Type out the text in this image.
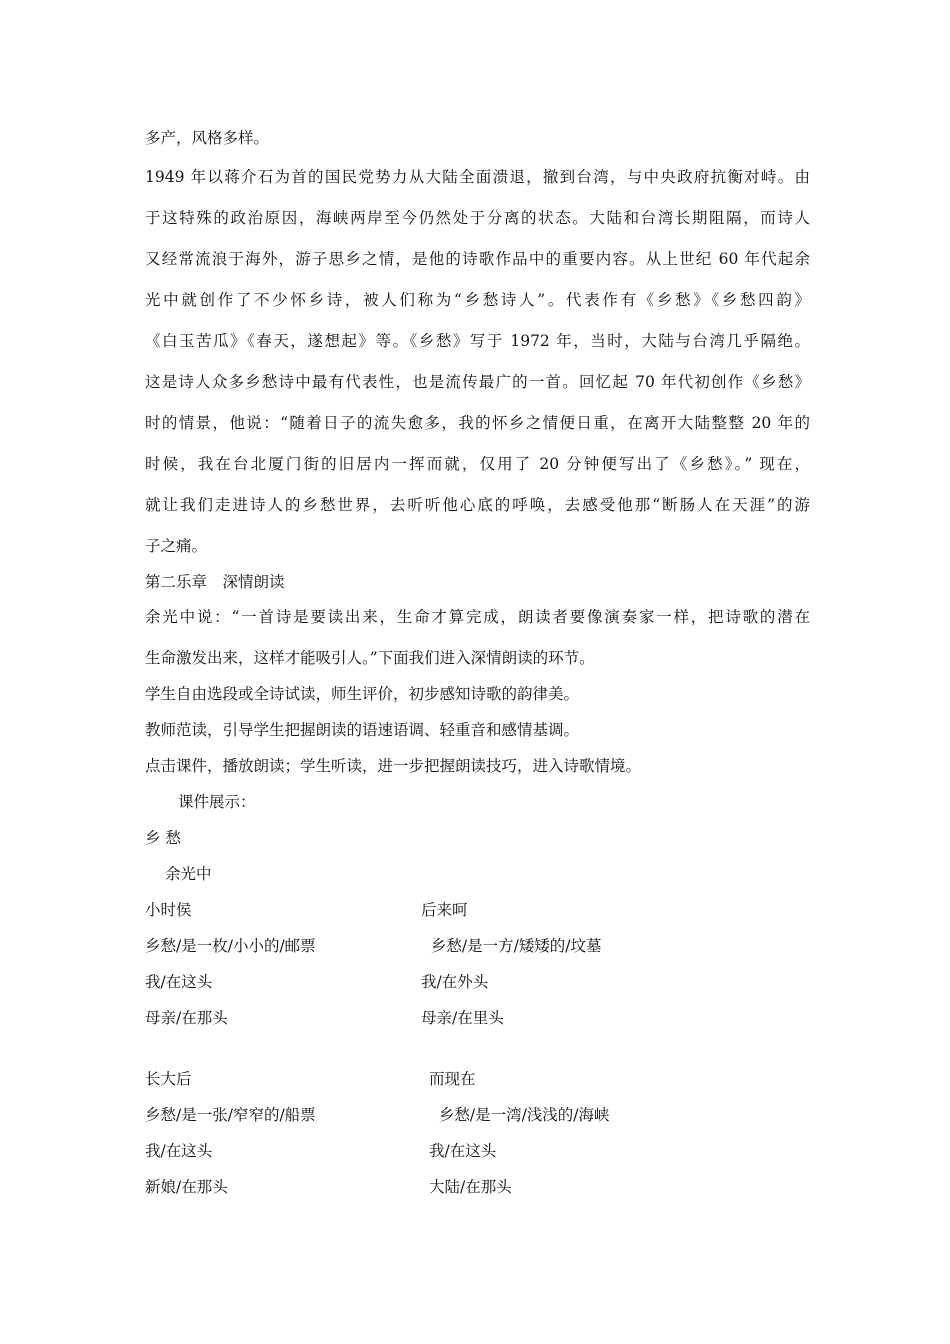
多产，风格多样。
1949 年以蒋介石为首的国民党势力从大陆全面溃退，撤到台湾，与中央政府抗衡对峙。由
于这特殊的政治原因，海峡两岸至今仍然处于分离的状态。大陆和台湾长期阻隔，而诗人
又经常流浪于海外，游子思乡之情，是他的诗歌作品中的重要内容。从上世纪 60 年代起余
光中就创作了不少怀乡诗，被人们称为“乡愁诗人”。代表作有《乡愁》《乡愁四韵》
《白玉苦瓜》《春天，遂想起》等。《乡愁》写于 1972 年，当时，大陆与台湾几乎隔绝。
这是诗人众多乡愁诗中最有代表性，也是流传最广的一首。回忆起 70 年代初创作《乡愁》
时的情景，他说：“随着日子的流失愈多，我的怀乡之情便日重，在离开大陆整整 20 年的
时候，我在台北厦门街的旧居内一挥而就，仅用了 20 分钟便写出了《乡愁》。” 现在，
就让我们走进诗人的乡愁世界，去听听他心底的呼唤，去感受他那“断肠人在天涯”的游
子之痛。
第二乐章　深情朗读
余光中说：“一首诗是要读出来，生命才算完成，朗读者要像演奏家一样，把诗歌的潜在
生命激发出来，这样才能吸引人。”下面我们进入深情朗读的环节。
学生自由选段或全诗试读，师生评价，初步感知诗歌的韵律美。
教师范读，引导学生把握朗读的语速语调、轻重音和感情基调。
点击课件，播放朗读；学生听读，进一步把握朗读技巧，进入诗歌情境。
课件展示：
乡 愁
余光中
小时侯	后来呵
乡愁/是一枚/小小的/邮票	乡愁/是一方/矮矮的/坟墓
我/在这头	我/在外头
母亲/在那头	母亲/在里头
长大后	而现在
乡愁/是一张/窄窄的/船票	乡愁/是一湾/浅浅的/海峡
我/在这头	我/在这头
新娘/在那头	大陆/在那头
